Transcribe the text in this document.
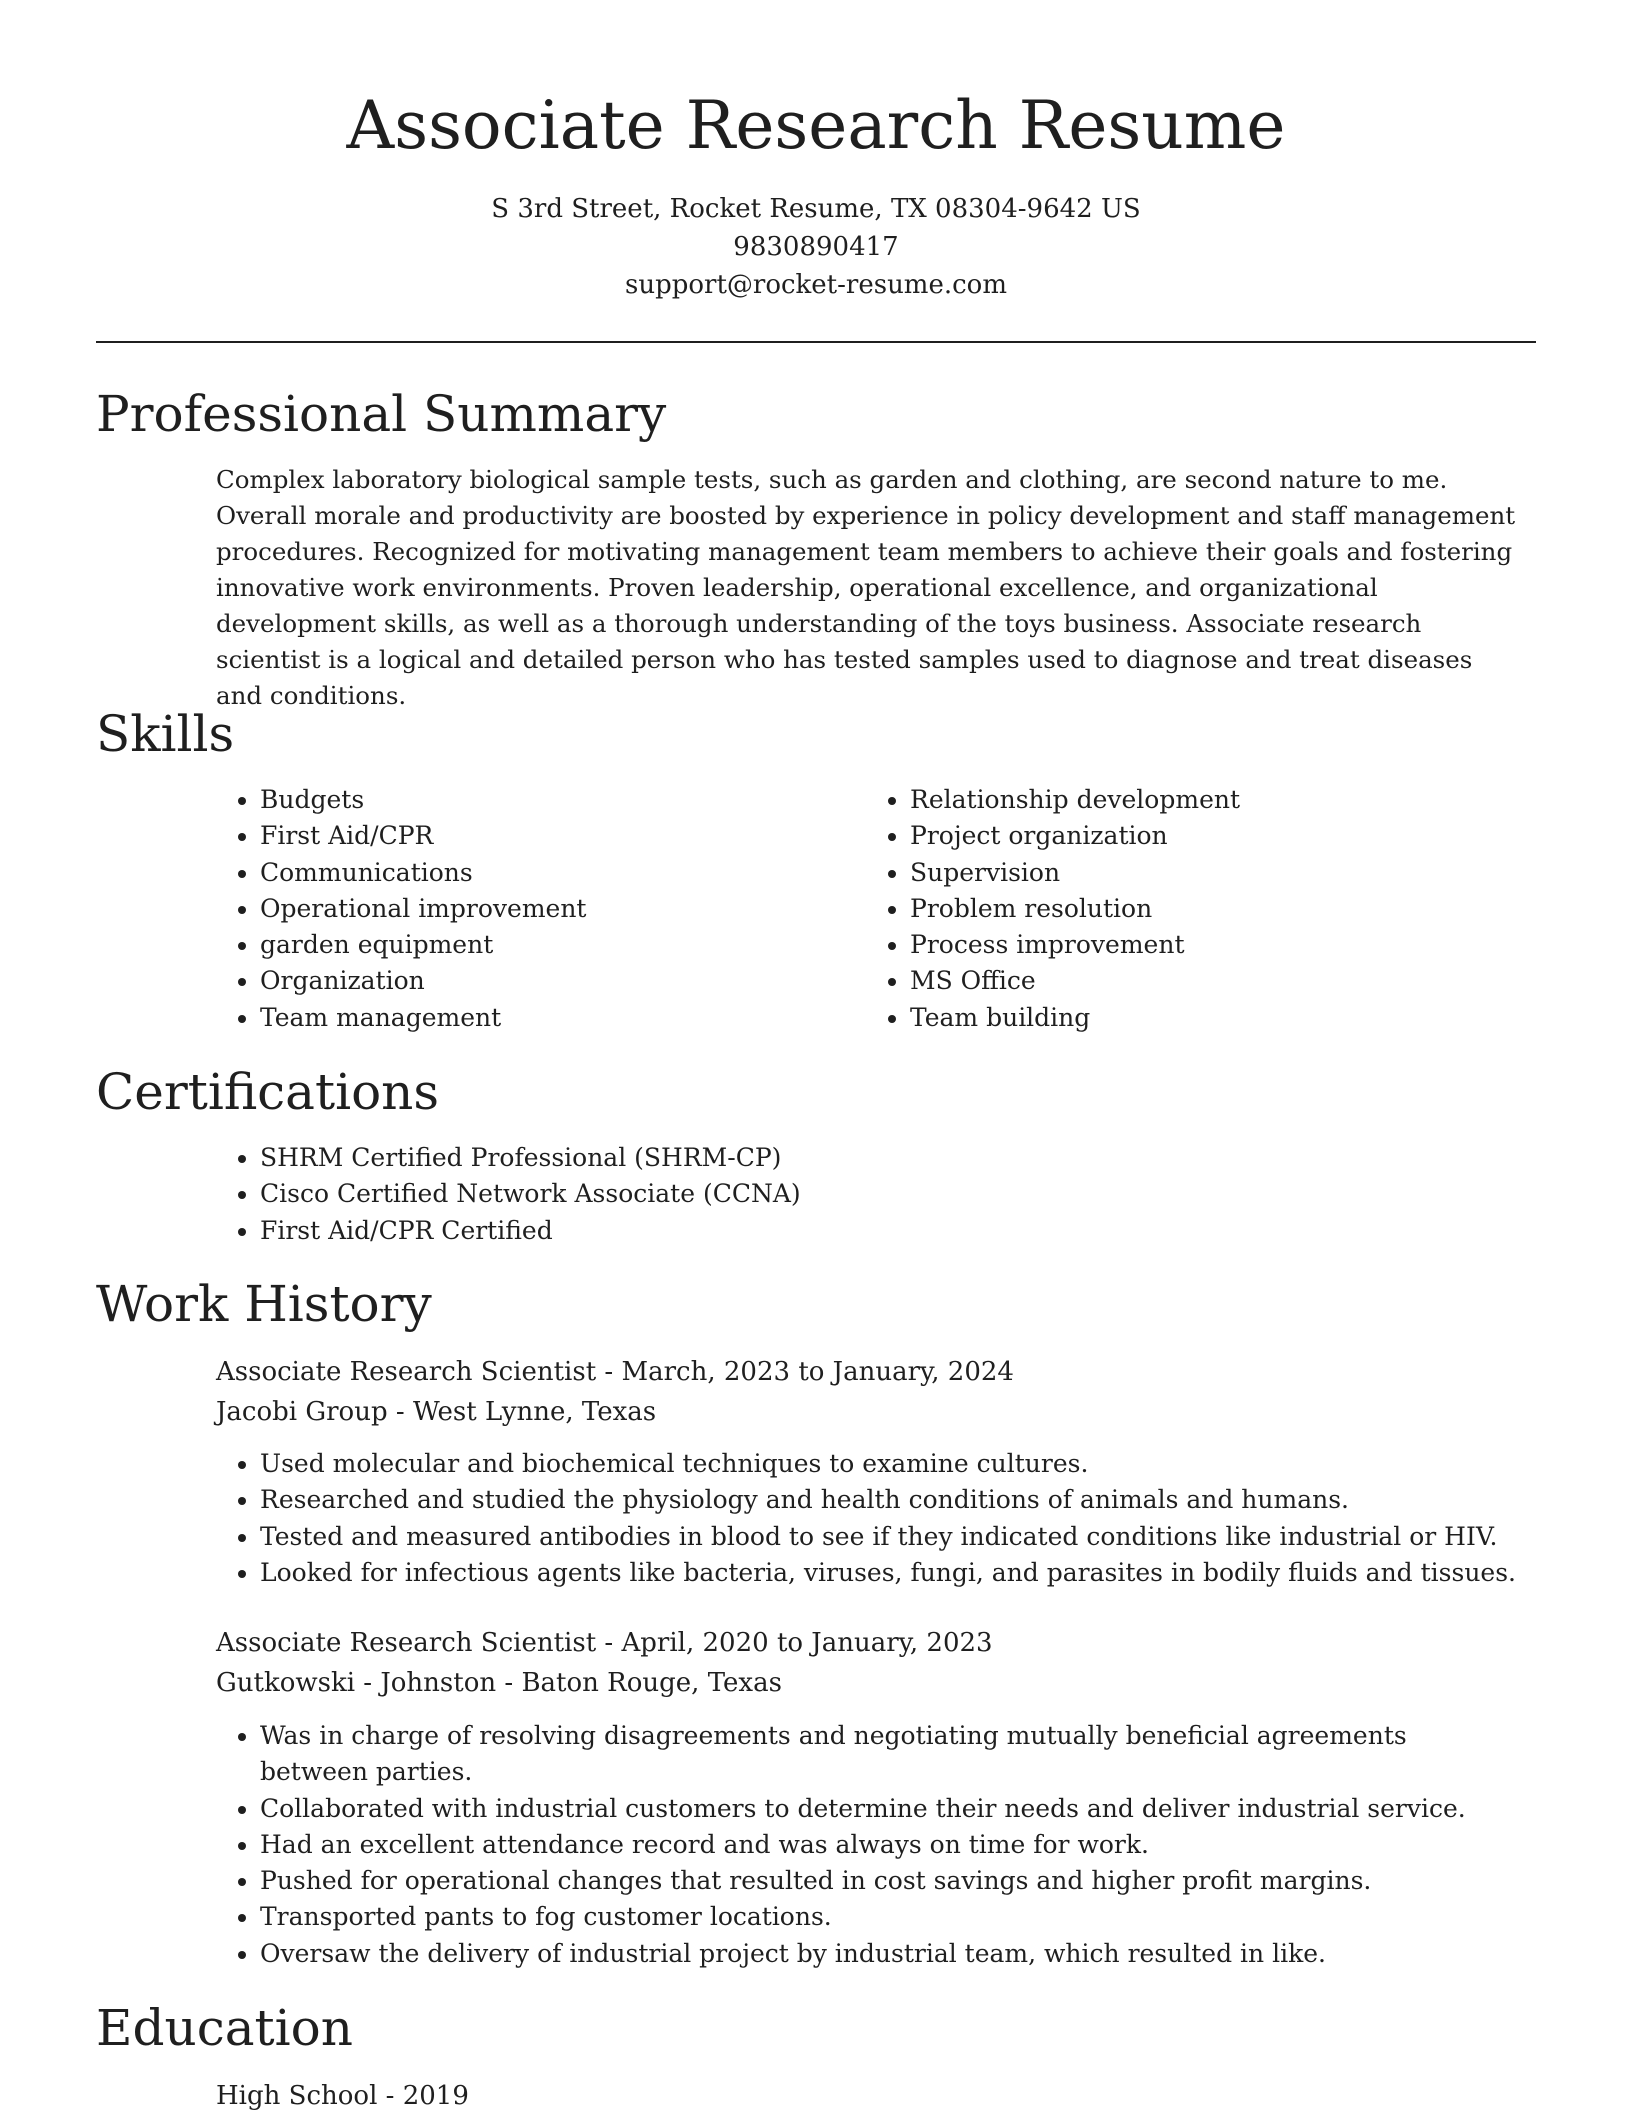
Associate Research Resume
S 3rd Street, Rocket Resume, TX 08304-9642 US
9830890417
support@rocket-resume.com
Professional Summary

Complex laboratory biological sample tests, such as garden and clothing, are second nature to me. Overall morale and productivity are boosted by experience in policy development and staff management procedures. Recognized for motivating management team members to achieve their goals and fostering innovative work environments. Proven leadership, operational excellence, and organizational development skills, as well as a thorough understanding of the toys business. Associate research scientist is a logical and detailed person who has tested samples used to diagnose and treat diseases and conditions.

Skills
• Budgets
• First Aid/CPR
• Communications
• Operational improvement
• garden equipment
• Organization
• Team management
• Relationship development
• Project organization
• Supervision
• Problem resolution
• Process improvement
• MS Office
• Team building
Certifications
• SHRM Certified Professional (SHRM-CP)
• Cisco Certified Network Associate (CCNA)
• First Aid/CPR Certified
Work History
Associate Research Scientist - March, 2023 to January, 2024
Jacobi Group - West Lynne, Texas
• Used molecular and biochemical techniques to examine cultures.
• Researched and studied the physiology and health conditions of animals and humans.
• Tested and measured antibodies in blood to see if they indicated conditions like industrial or HIV.
• Looked for infectious agents like bacteria, viruses, fungi, and parasites in bodily fluids and tissues.
Associate Research Scientist - April, 2020 to January, 2023
Gutkowski - Johnston - Baton Rouge, Texas
• Was in charge of resolving disagreements and negotiating mutually beneficial agreements between parties.
• Collaborated with industrial customers to determine their needs and deliver industrial service.
• Had an excellent attendance record and was always on time for work.
• Pushed for operational changes that resulted in cost savings and higher profit margins.
• Transported pants to fog customer locations.
• Oversaw the delivery of industrial project by industrial team, which resulted in like.
Education
High School - 2019
